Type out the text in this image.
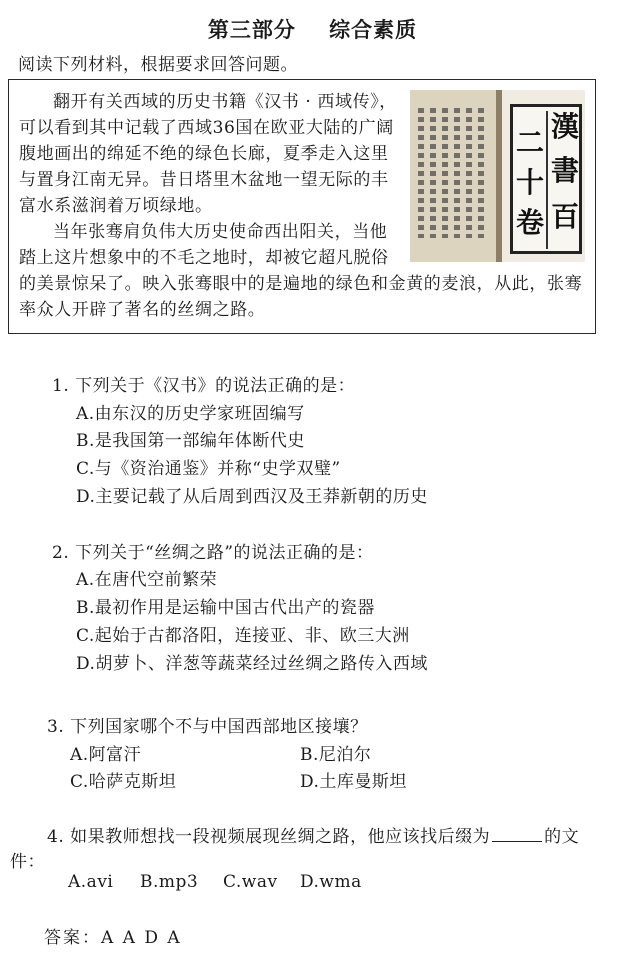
第三部分    综合素质
阅读下列材料，根据要求回答问题。

翻开有关西域的历史书籍《汉书 · 西域传》，可以看到其中记载了西域36国在欧亚大陆的广阔腹地画出的绵延不绝的绿色长廊，夏季走入这里与置身江南无异。昔日塔里木盆地一望无际的丰富水系滋润着万顷绿地。

当年张骞肩负伟大历史使命西出阳关，当他踏上这片想象中的不毛之地时，却被它超凡脱俗的美景惊呆了。映入张骞眼中的是遍地的绿色和金黄的麦浪，从此，张骞率众人开辟了著名的丝绸之路。

漢
書
百
二
十
卷
1. 下列关于《汉书》的说法正确的是：
A.由东汉的历史学家班固编写
B.是我国第一部编年体断代史
C.与《资治通鉴》并称“史学双璧”
D.主要记载了从后周到西汉及王莽新朝的历史
2. 下列关于“丝绸之路”的说法正确的是：
A.在唐代空前繁荣
B.最初作用是运输中国古代出产的瓷器
C.起始于古都洛阳，连接亚、非、欧三大洲
D.胡萝卜、洋葱等蔬菜经过丝绸之路传入西域
3. 下列国家哪个不与中国西部地区接壤？
A.阿富汗	B.尼泊尔
C.哈萨克斯坦	D.土库曼斯坦
4. 如果教师想找一段视频展现丝绸之路，他应该找后缀为	的文
件：
A.avi B.mp3 C.wav D.wma
答案：A A D A
